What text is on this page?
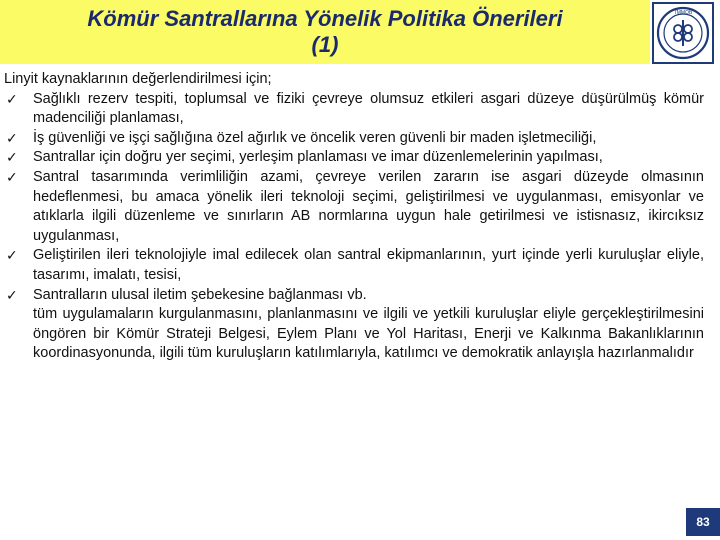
Kömür Santrallarına Yönelik Politika Önerileri
(1)
TMMOB

Linyit kaynaklarının değerlendirilmesi için;

✓ Sağlıklı rezerv tespiti, toplumsal ve fiziki çevreye olumsuz etkileri asgari düzeye düşürülmüş kömür madenciliği planlaması,
✓ İş güvenliği ve işçi sağlığına özel ağırlık ve öncelik veren güvenli bir maden işletmeciliği,
✓ Santrallar için doğru yer seçimi, yerleşim planlaması ve imar düzenlemelerinin yapılması,
✓ Santral tasarımında verimliliğin azami, çevreye verilen zararın ise asgari düzeyde olmasının hedeflenmesi, bu amaca yönelik ileri teknoloji seçimi, geliştirilmesi ve uygulanması, emisyonlar ve atıklarla ilgili düzenleme ve sınırların AB normlarına uygun hale getirilmesi ve istisnasız, ikircıksız uygulanması,
✓ Geliştirilen ileri teknolojiyle imal edilecek olan santral ekipmanlarının, yurt içinde yerli kuruluşlar eliyle, tasarımı, imalatı, tesisi,
✓ Santralların ulusal iletim şebekesine bağlanması vb.

tüm uygulamaların kurgulanmasını, planlanmasını ve ilgili ve yetkili kuruluşlar eliyle gerçekleştirilmesini öngören bir Kömür Strateji Belgesi, Eylem Planı ve Yol Haritası, Enerji ve Kalkınma Bakanlıklarının koordinasyonunda, ilgili tüm kuruluşların katılımlarıyla, katılımcı ve demokratik anlayışla hazırlanmalıdır

83
